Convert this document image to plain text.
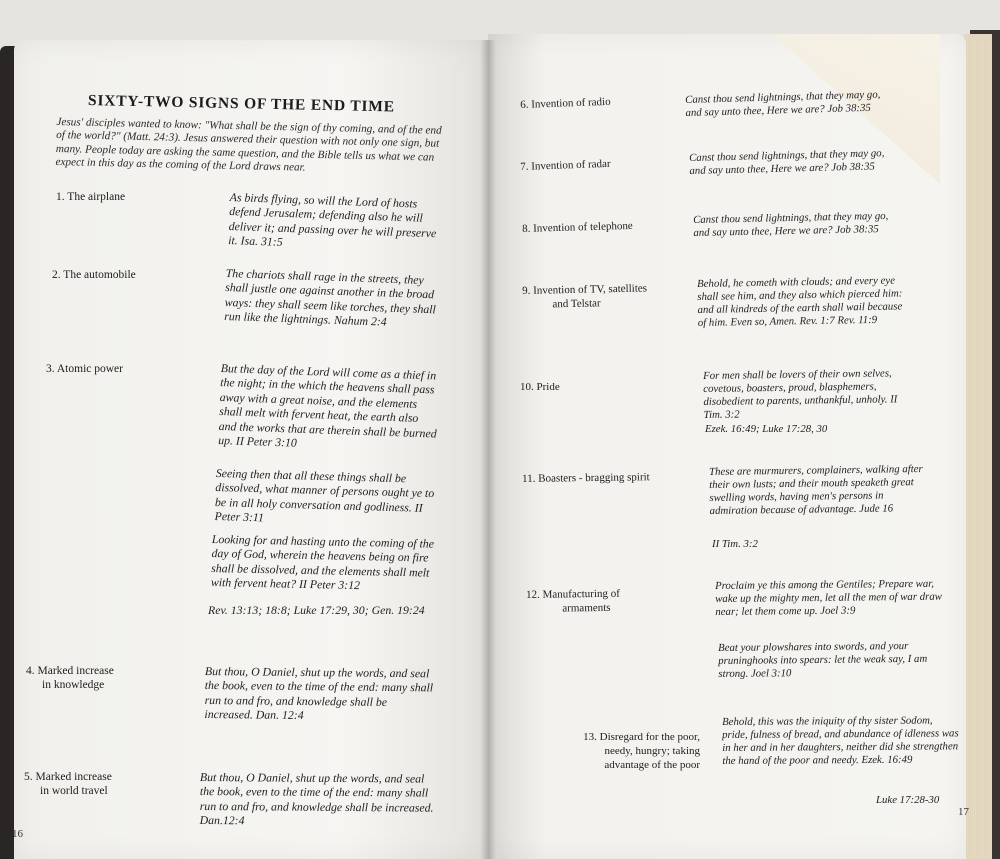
SIXTY-TWO SIGNS OF THE END TIME
Jesus' disciples wanted to know: "What shall be the sign of thy coming, and of the end of the world?" (Matt. 24:3). Jesus answered their question with not only one sign, but many. People today are asking the same question, and the Bible tells us what we can expect in this day as the coming of the Lord draws near.
1. The airplane
2. The automobile
3. Atomic power
4. Marked increase
in knowledge
5. Marked increase
in world travel
As birds flying, so will the Lord of hosts defend Jerusalem; defending also he will deliver it; and passing over he will preserve it. Isa. 31:5
The chariots shall rage in the streets, they shall justle one against another in the broad ways: they shall seem like torches, they shall run like the lightnings. Nahum 2:4
But the day of the Lord will come as a thief in the night; in the which the heavens shall pass away with a great noise, and the elements shall melt with fervent heat, the earth also and the works that are therein shall be burned up. II Peter 3:10
Seeing then that all these things shall be dissolved, what manner of persons ought ye to be in all holy conversation and godliness. II Peter 3:11
Looking for and hasting unto the coming of the day of God, wherein the heavens being on fire shall be dissolved, and the elements shall melt with fervent heat? II Peter 3:12
Rev. 13:13; 18:8; Luke 17:29, 30; Gen. 19:24
But thou, O Daniel, shut up the words, and seal the book, even to the time of the end: many shall run to and fro, and knowledge shall be increased. Dan. 12:4
But thou, O Daniel, shut up the words, and seal the book, even to the time of the end: many shall run to and fro, and knowledge shall be increased. Dan.12:4
16
6. Invention of radio
7. Invention of radar
8. Invention of telephone
9. Invention of TV, satellites
and Telstar
10. Pride
11. Boasters - bragging spirit
12. Manufacturing of
armaments
13. Disregard for the poor,
needy, hungry; taking
advantage of the poor
Canst thou send lightnings, that they may go, and say unto thee, Here we are? Job 38:35
Canst thou send lightnings, that they may go, and say unto thee, Here we are? Job 38:35
Canst thou send lightnings, that they may go, and say unto thee, Here we are? Job 38:35
Behold, he cometh with clouds; and every eye shall see him, and they also which pierced him: and all kindreds of the earth shall wail because of him. Even so, Amen. Rev. 1:7 Rev. 11:9
For men shall be lovers of their own selves, covetous, boasters, proud, blasphemers, disobedient to parents, unthankful, unholy. II Tim. 3:2
Ezek. 16:49; Luke 17:28, 30
These are murmurers, complainers, walking after their own lusts; and their mouth speaketh great swelling words, having men's persons in admiration because of advantage. Jude 16
II Tim. 3:2
Proclaim ye this among the Gentiles; Prepare war, wake up the mighty men, let all the men of war draw near; let them come up. Joel 3:9
Beat your plowshares into swords, and your pruninghooks into spears: let the weak say, I am strong. Joel 3:10
Behold, this was the iniquity of thy sister Sodom, pride, fulness of bread, and abundance of idleness was in her and in her daughters, neither did she strengthen the hand of the poor and needy. Ezek. 16:49
Luke 17:28-30
17
